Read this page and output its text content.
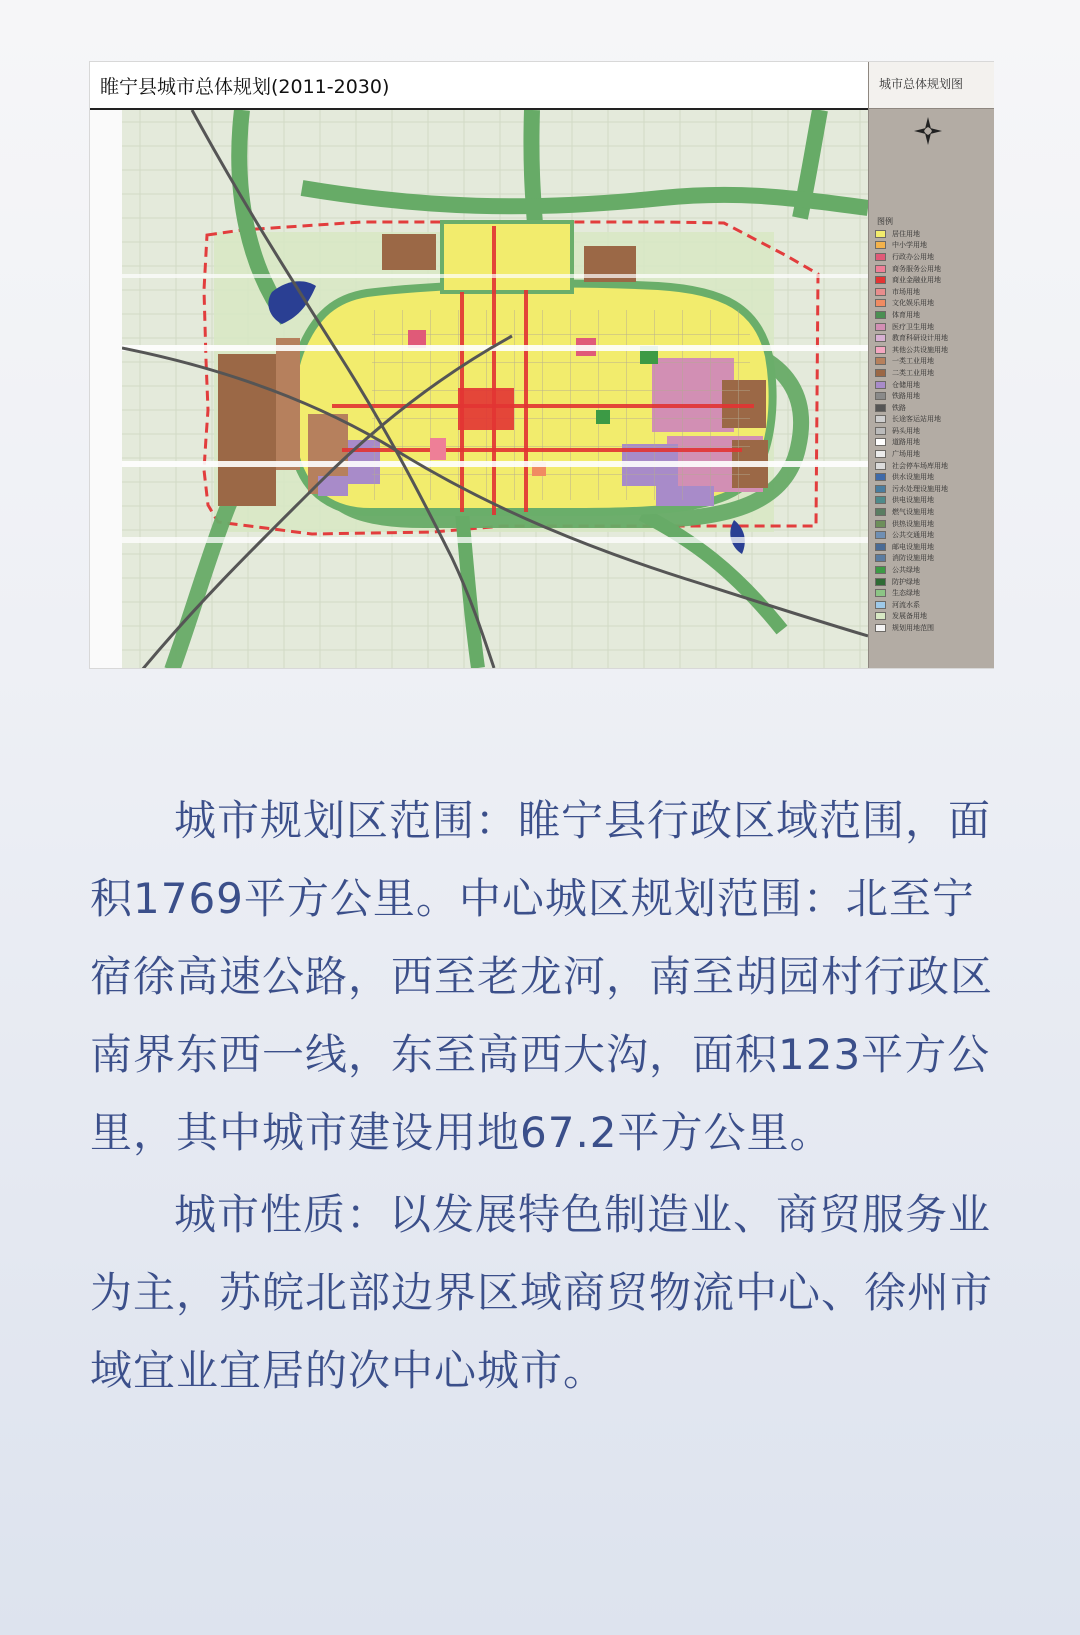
睢宁县城市总体规划(2011-2030)	城市总体规划图
图例
居住用地
中小学用地
行政办公用地
商务服务公用地
商业金融业用地
市场用地
文化娱乐用地
体育用地
医疗卫生用地
教育科研设计用地
其他公共设施用地
一类工业用地
二类工业用地
仓储用地
铁路用地
铁路
长途客运站用地
码头用地
道路用地
广场用地
社会停车场库用地
供水设施用地
污水处理设施用地
供电设施用地
燃气设施用地
供热设施用地
公共交通用地
邮电设施用地
消防设施用地
公共绿地
防护绿地
生态绿地
河流水系
发展备用地
规划用地范围

城市规划区范围：睢宁县行政区域范围，面积1769平方公里。中心城区规划范围：北至宁宿徐高速公路，西至老龙河，南至胡园村行政区南界东西一线，东至高西大沟，面积123平方公里，其中城市建设用地67.2平方公里。

城市性质：以发展特色制造业、商贸服务业为主，苏皖北部边界区域商贸物流中心、徐州市域宜业宜居的次中心城市。
